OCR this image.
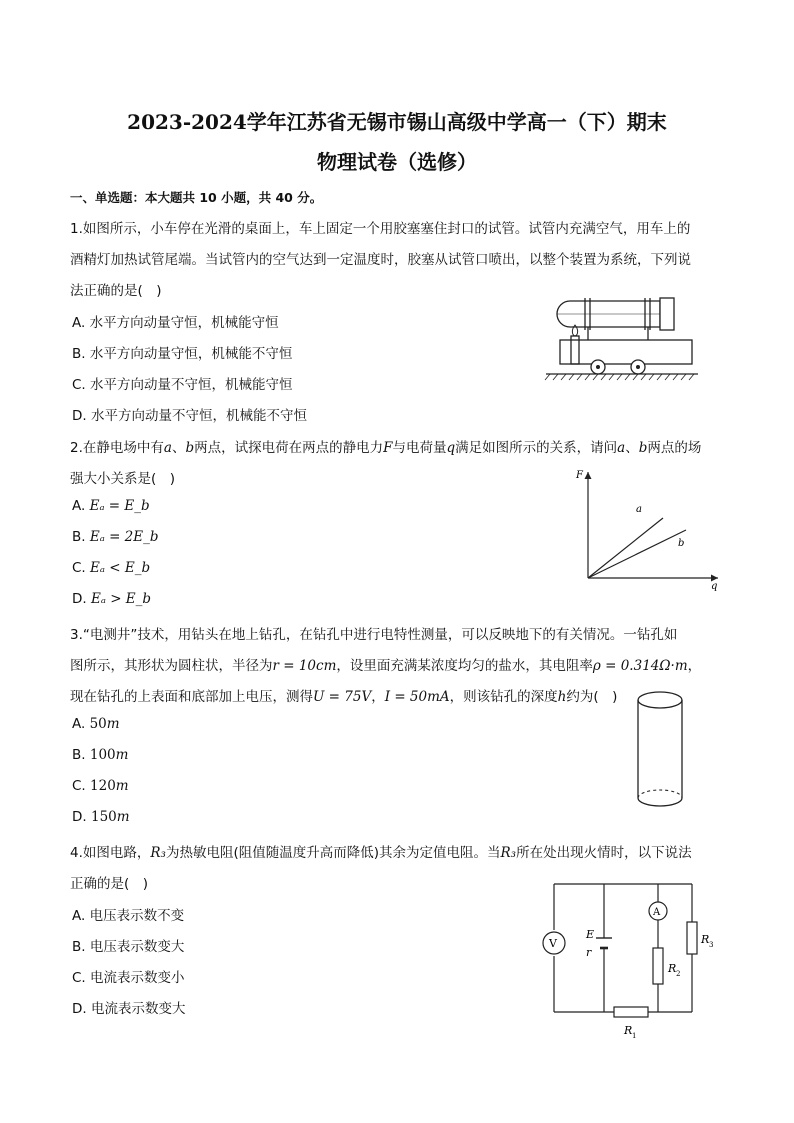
2023-2024学年江苏省无锡市锡山高级中学高一（下）期末
物理试卷（选修）
一、单选题：本大题共 10 小题，共 40 分。
1.如图所示，小车停在光滑的桌面上，车上固定一个用胶塞塞住封口的试管。试管内充满空气，用车上的
酒精灯加热试管尾端。当试管内的空气达到一定温度时，胶塞从试管口喷出，以整个装置为系统，下列说
法正确的是(　)
A. 水平方向动量守恒，机械能守恒
B. 水平方向动量守恒，机械能不守恒
C. 水平方向动量不守恒，机械能守恒
D. 水平方向动量不守恒，机械能不守恒
2.在静电场中有a、b两点，试探电荷在两点的静电力F与电荷量q满足如图所示的关系，请问a、b两点的场
强大小关系是(　)
A. Eₐ = E_b
B. Eₐ = 2E_b
C. Eₐ < E_b
D. Eₐ > E_b
F
q
a
b
3.“电测井”技术，用钻头在地上钻孔，在钻孔中进行电特性测量，可以反映地下的有关情况。一钻孔如
图所示，其形状为圆柱状，半径为r = 10cm，设里面充满某浓度均匀的盐水，其电阻率ρ = 0.314Ω·m，
现在钻孔的上表面和底部加上电压，测得U = 75V，I = 50mA，则该钻孔的深度h约为(　)
A. 50m
B. 100m
C. 120m
D. 150m
4.如图电路，R₃为热敏电阻(阻值随温度升高而降低)其余为定值电阻。当R₃所在处出现火情时，以下说法
正确的是(　)
A. 电压表示数不变
B. 电压表示数变大
C. 电流表示数变小
D. 电流表示数变大
V
A
E
r
R 2
R 3
R 1
